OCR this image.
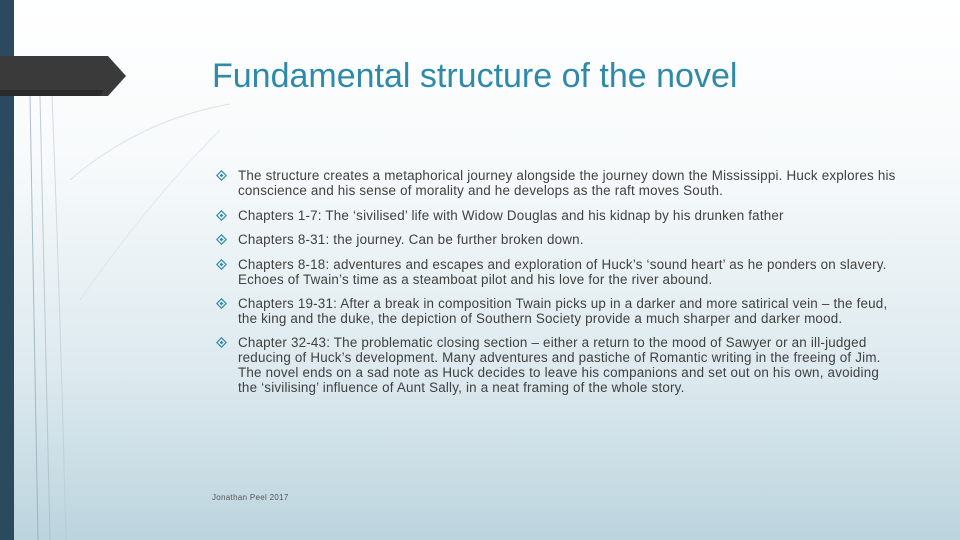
Fundamental structure of the novel
The structure creates a metaphorical journey alongside the journey down the Mississippi. Huck explores his conscience and his sense of morality and he develops as the raft moves South.
Chapters 1-7: The ‘sivilised’ life with Widow Douglas and his kidnap by his drunken father
Chapters 8-31: the journey. Can be further broken down.
Chapters 8-18: adventures and escapes and exploration of Huck’s ‘sound heart’ as he ponders on slavery. Echoes of Twain’s time as a steamboat pilot and his love for the river abound.
Chapters 19-31: After a break in composition Twain picks up in a darker and more satirical vein – the feud, the king and the duke, the depiction of Southern Society provide a much sharper and darker mood.
Chapter 32-43: The problematic closing section – either a return to the mood of Sawyer or an ill-judged reducing of Huck’s development. Many adventures and pastiche of Romantic writing in the freeing of Jim. The novel ends on a sad note as Huck decides to leave his companions and set out on his own, avoiding the ‘sivilising’ influence of Aunt Sally, in a neat framing of the whole story.
Jonathan Peel 2017
